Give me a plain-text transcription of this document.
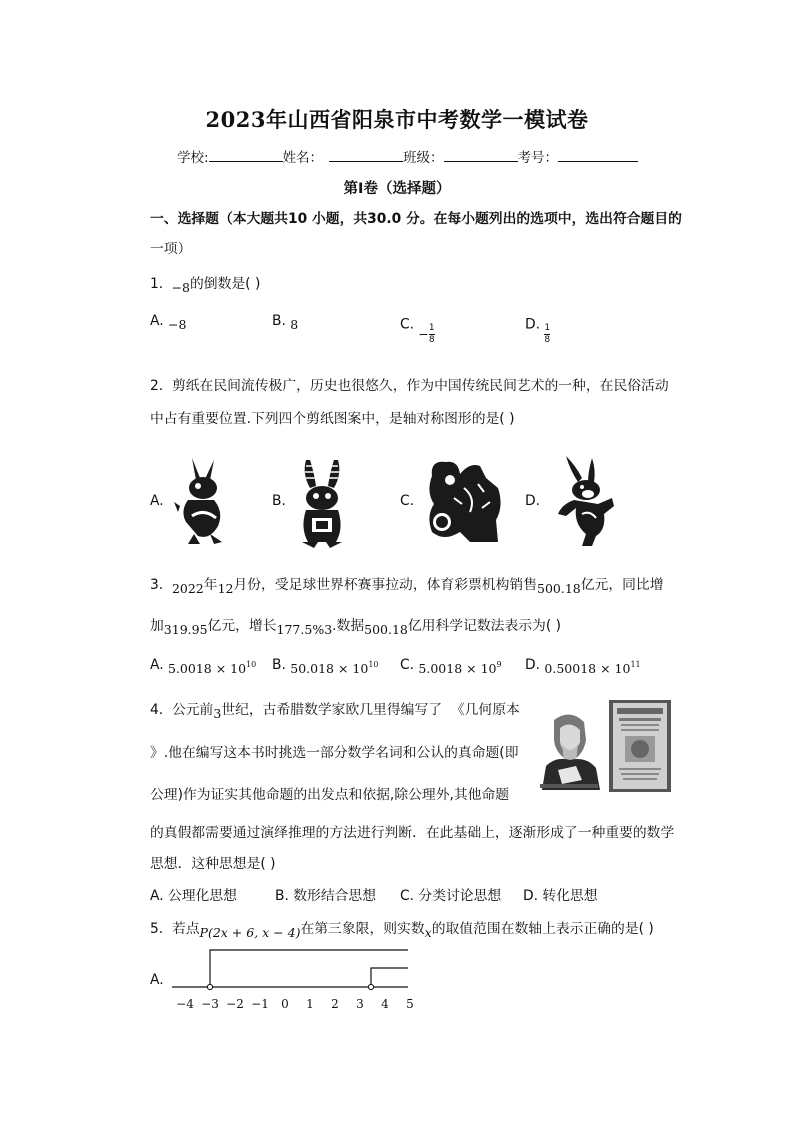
2023年山西省阳泉市中考数学一模试卷
学校:	姓名：	班级：	考号：
第I卷（选择题）
一、选择题（本大题共10 小题，共30.0 分。在每小题列出的选项中，选出符合题目的
一项）
1. −8的倒数是( )
A. −8	B. 8	C. $-\frac{1}{8}$	D. $\frac{1}{8}$
2. 剪纸在民间流传极广，历史也很悠久，作为中国传统民间艺术的一种，在民俗活动
中占有重要位置.下列四个剪纸图案中，是轴对称图形的是( )
A.	B.	C.	D.
3. 2022年12月份，受足球世界杯赛事拉动，体育彩票机构销售500.18亿元，同比增
加319.95亿元，增长177.5%3.数据500.18亿用科学记数法表示为( )
A. $5.0018 \times 10^{10}$ B. $50.018 \times 10^{10}$ C. $5.0018 \times 10^9$ D. $0.50018 \times 10^{11}$
4. 公元前3世纪，古希腊数学家欧几里得编写了 《几何原本
》.他在编写这本书时挑选一部分数学名词和公认的真命题(即
公理)作为证实其他命题的出发点和依据,除公理外,其他命题
的真假都需要通过演绎推理的方法进行判断．在此基础上，逐渐形成了一种重要的数学
思想．这种思想是( )
A. 公理化思想	B. 数形结合思想 C. 分类讨论思想 D. 转化思想
5. 若点P(2x + 6, x − 4)在第三象限，则实数x的取值范围在数轴上表示正确的是( )
A.
−4 −3 −2 −1 0 1 2 3 4 5
